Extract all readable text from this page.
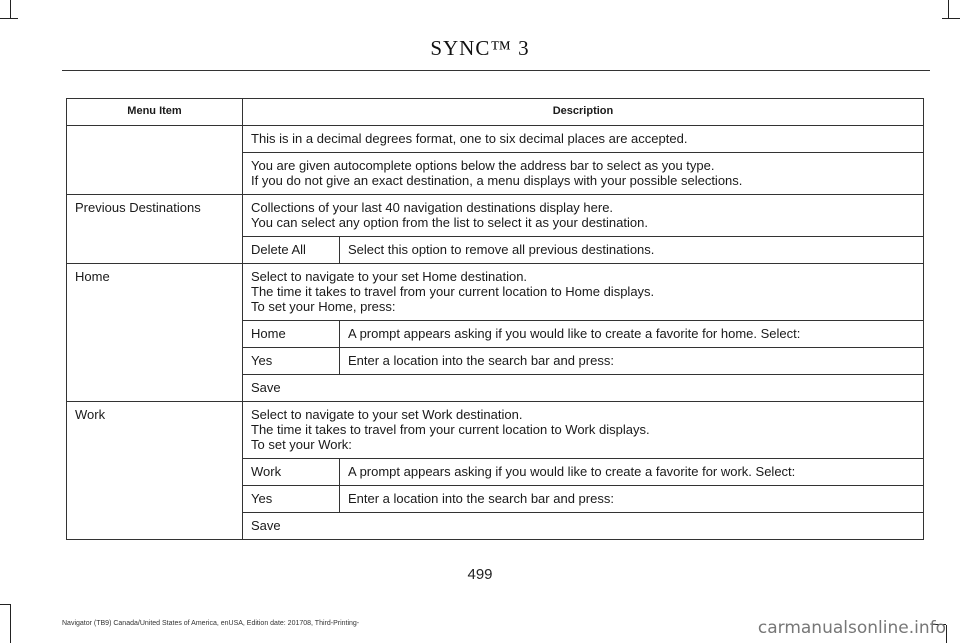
SYNC™ 3
Menu Item	Description	

	This is in a decimal degrees format, one to six decimal places are accepted.	

	You are given autocomplete options below the address bar to select as you type.
If you do not give an exact destination, a menu displays with your possible selections.	

Previous Destinations	Collections of your last 40 navigation destinations display here.
You can select any option from the list to select it as your destination.	

	Delete All	Select this option to remove all previous destinations.
Home	Select to navigate to your set Home destination.
The time it takes to travel from your current location to Home displays.
To set your Home, press:	

	Home	A prompt appears asking if you would like to create a favorite for home. Select:
	Yes	Enter a location into the search bar and press:
	Save	
Work	Select to navigate to your set Work destination.
The time it takes to travel from your current location to Work displays.
To set your Work:	

	Work	A prompt appears asking if you would like to create a favorite for work. Select:
	Yes	Enter a location into the search bar and press:
	Save	
499
Navigator (TB9) Canada/United States of America, enUSA, Edition date: 201708, Third-Printing-	carmanualsonline.info
